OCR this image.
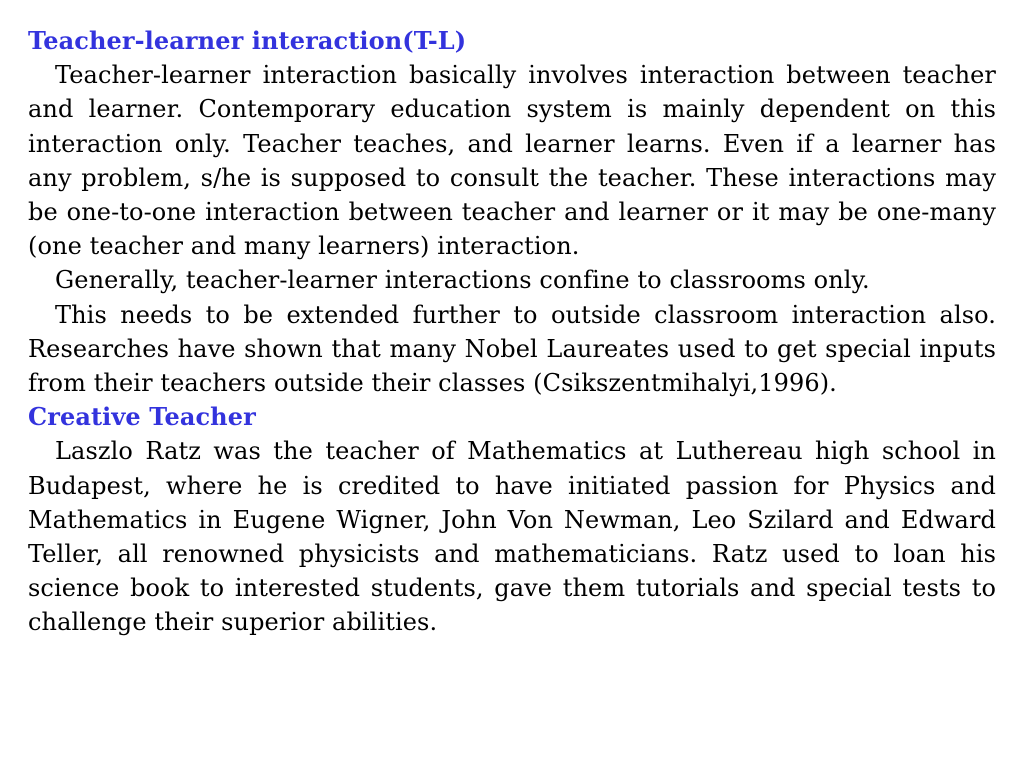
Teacher-learner interaction(T-L)

Teacher-learner interaction basically involves interaction between teacher and learner. Contemporary education system is mainly dependent on this interaction only. Teacher teaches, and learner learns. Even if a learner has any problem, s/he is supposed to consult the teacher. These interactions may be one-to-one interaction between teacher and learner or it may be one-many (one teacher and many learners) interaction.

Generally, teacher-learner interactions confine to classrooms only.

This needs to be extended further to outside classroom interaction also. Researches have shown that many Nobel Laureates used to get special inputs from their teachers outside their classes (Csikszentmihalyi,1996).

Creative Teacher

Laszlo Ratz was the teacher of Mathematics at Luthereau high school in Budapest, where he is credited to have initiated passion for Physics and Mathematics in Eugene Wigner, John Von Newman, Leo Szilard and Edward Teller, all renowned physicists and mathematicians. Ratz used to loan his science book to interested students, gave them tutorials and special tests to challenge their superior abilities.
